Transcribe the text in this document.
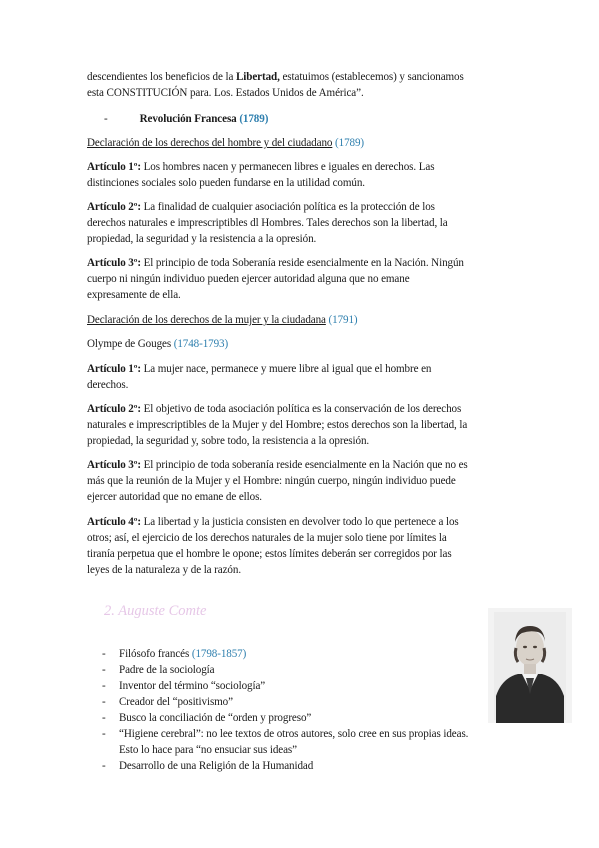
descendientes los beneficios de la Libertad, estatuimos (establecemos) y sancionamos

esta CONSTITUCIÓN para. Los. Estados Unidos de América”.

-	Revolución Francesa (1789)

Declaración de los derechos del hombre y del ciudadano (1789)

Artículo 1º: Los hombres nacen y permanecen libres e iguales en derechos. Las

distinciones sociales solo pueden fundarse en la utilidad común.

Artículo 2º: La finalidad de cualquier asociación política es la protección de los

derechos naturales e imprescriptibles dl Hombres. Tales derechos son la libertad, la

propiedad, la seguridad y la resistencia a la opresión.

Artículo 3º: El principio de toda Soberanía reside esencialmente en la Nación. Ningún

cuerpo ni ningún individuo pueden ejercer autoridad alguna que no emane

expresamente de ella.

Declaración de los derechos de la mujer y la ciudadana (1791)

Olympe de Gouges (1748-1793)

Artículo 1º: La mujer nace, permanece y muere libre al igual que el hombre en

derechos.

Artículo 2º: El objetivo de toda asociación política es la conservación de los derechos

naturales e imprescriptibles de la Mujer y del Hombre; estos derechos son la libertad, la

propiedad, la seguridad y, sobre todo, la resistencia a la opresión.

Artículo 3º: El principio de toda soberanía reside esencialmente en la Nación que no es

más que la reunión de la Mujer y el Hombre: ningún cuerpo, ningún individuo puede

ejercer autoridad que no emane de ellos.

Artículo 4º: La libertad y la justicia consisten en devolver todo lo que pertenece a los

otros; así, el ejercicio de los derechos naturales de la mujer solo tiene por límites la

tiranía perpetua que el hombre le opone; estos límites deberán ser corregidos por las

leyes de la naturaleza y de la razón.

2. Auguste Comte

- Filósofo francés (1798-1857)
- Padre de la sociología
- Inventor del término “sociología”
- Creador del “positivismo”
- Busco la conciliación de “orden y progreso”
- “Higiene cerebral”: no lee textos de otros autores, solo cree en sus propias ideas.
Esto lo hace para “no ensuciar sus ideas”
- Desarrollo de una Religión de la Humanidad
